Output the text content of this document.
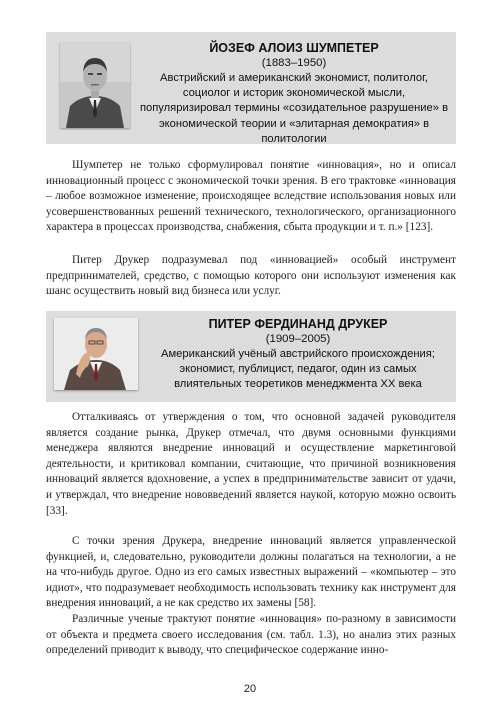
ЙОЗЕФ АЛОИЗ ШУМПЕТЕР
(1883–1950)
Австрийский и американский экономист, политолог, социолог и историк экономической мысли, популяризировал термины «созидательное разрушение» в экономической теории и «элитарная демократия» в политологии

Шумпетер не только сформулировал понятие «инновация», но и описал инновационный процесс с экономической точки зрения. В его трактовке «инновация – любое возможное изменение, происходящее вследствие использования новых или усовершенствованных решений технического, технологического, организационного характера в процессах производства, снабжения, сбыта продукции и т. п.» [123].

Питер Друкер подразумевал под «инновацией» особый инструмент предпринимателей, средство, с помощью которого они используют изменения как шанс осуществить новый вид бизнеса или услуг.

ПИТЕР ФЕРДИНАНД ДРУКЕР
(1909–2005)
Американский учёный австрийского происхождения; экономист, публицист, педагог, один из самых влиятельных теоретиков менеджмента XX века

Отталкиваясь от утверждения о том, что основной задачей руководителя является создание рынка, Друкер отмечал, что двумя основными функциями менеджера являются внедрение инноваций и осуществление маркетинговой деятельности, и критиковал компании, считающие, что причиной возникновения инноваций является вдохновение, а успех в предпринимательстве зависит от удачи, и утверждал, что внедрение нововведений является наукой, которую можно освоить [33].

С точки зрения Друкера, внедрение инноваций является управленческой функцией, и, следовательно, руководители должны полагаться на технологии, а не на что-нибудь другое. Одно из его самых известных выражений – «компьютер – это идиот», что подразумевает необходимость использовать технику как инструмент для внедрения инноваций, а не как средство их замены [58].

Различные ученые трактуют понятие «инновация» по-разному в зависимости от объекта и предмета своего исследования (см. табл. 1.3), но анализ этих разных определений приводит к выводу, что специфическое содержание инно-

20
